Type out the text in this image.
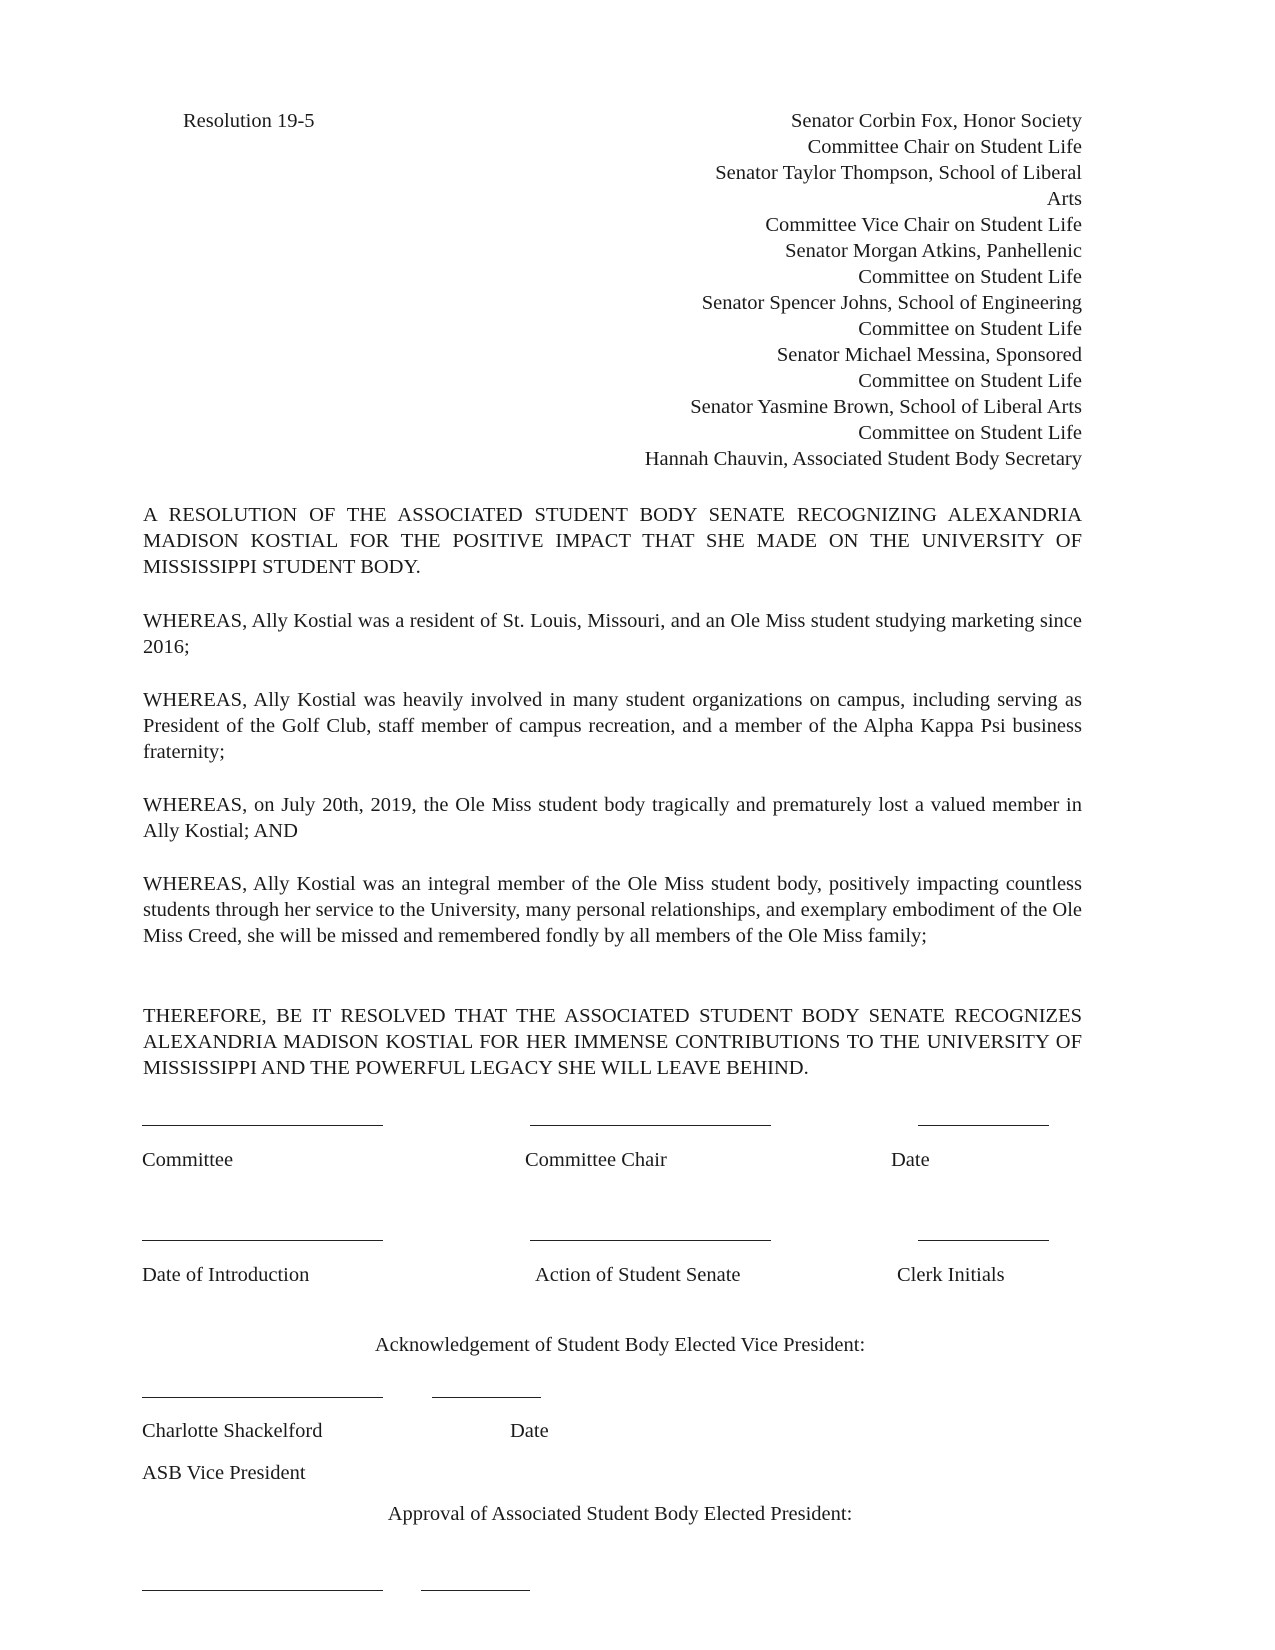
Resolution 19-5	Senator Corbin Fox, Honor Society
Committee Chair on Student Life
Senator Taylor Thompson, School of Liberal
Arts
Committee Vice Chair on Student Life
Senator Morgan Atkins, Panhellenic
Committee on Student Life
Senator Spencer Johns, School of Engineering
Committee on Student Life
Senator Michael Messina, Sponsored
Committee on Student Life
Senator Yasmine Brown, School of Liberal Arts
Committee on Student Life
Hannah Chauvin, Associated Student Body Secretary
A RESOLUTION OF THE ASSOCIATED STUDENT BODY SENATE RECOGNIZING ALEXANDRIA MADISON KOSTIAL FOR THE POSITIVE IMPACT THAT SHE MADE ON THE UNIVERSITY OF MISSISSIPPI STUDENT BODY.
WHEREAS, Ally Kostial was a resident of St. Louis, Missouri, and an Ole Miss student studying marketing since 2016;
WHEREAS, Ally Kostial was heavily involved in many student organizations on campus, including serving as President of the Golf Club, staff member of campus recreation, and a member of the Alpha Kappa Psi business fraternity;
WHEREAS, on July 20th, 2019, the Ole Miss student body tragically and prematurely lost a valued member in Ally Kostial; AND
WHEREAS, Ally Kostial was an integral member of the Ole Miss student body, positively impacting countless students through her service to the University, many personal relationships, and exemplary embodiment of the Ole Miss Creed, she will be missed and remembered fondly by all members of the Ole Miss family;
THEREFORE, BE IT RESOLVED THAT THE ASSOCIATED STUDENT BODY SENATE RECOGNIZES ALEXANDRIA MADISON KOSTIAL FOR HER IMMENSE CONTRIBUTIONS TO THE UNIVERSITY OF MISSISSIPPI AND THE POWERFUL LEGACY SHE WILL LEAVE BEHIND.
Committee	Committee Chair	Date
Date of Introduction	Action of Student Senate	Clerk Initials
Acknowledgement of Student Body Elected Vice President:
Charlotte Shackelford	Date
ASB Vice President
Approval of Associated Student Body Elected President:
